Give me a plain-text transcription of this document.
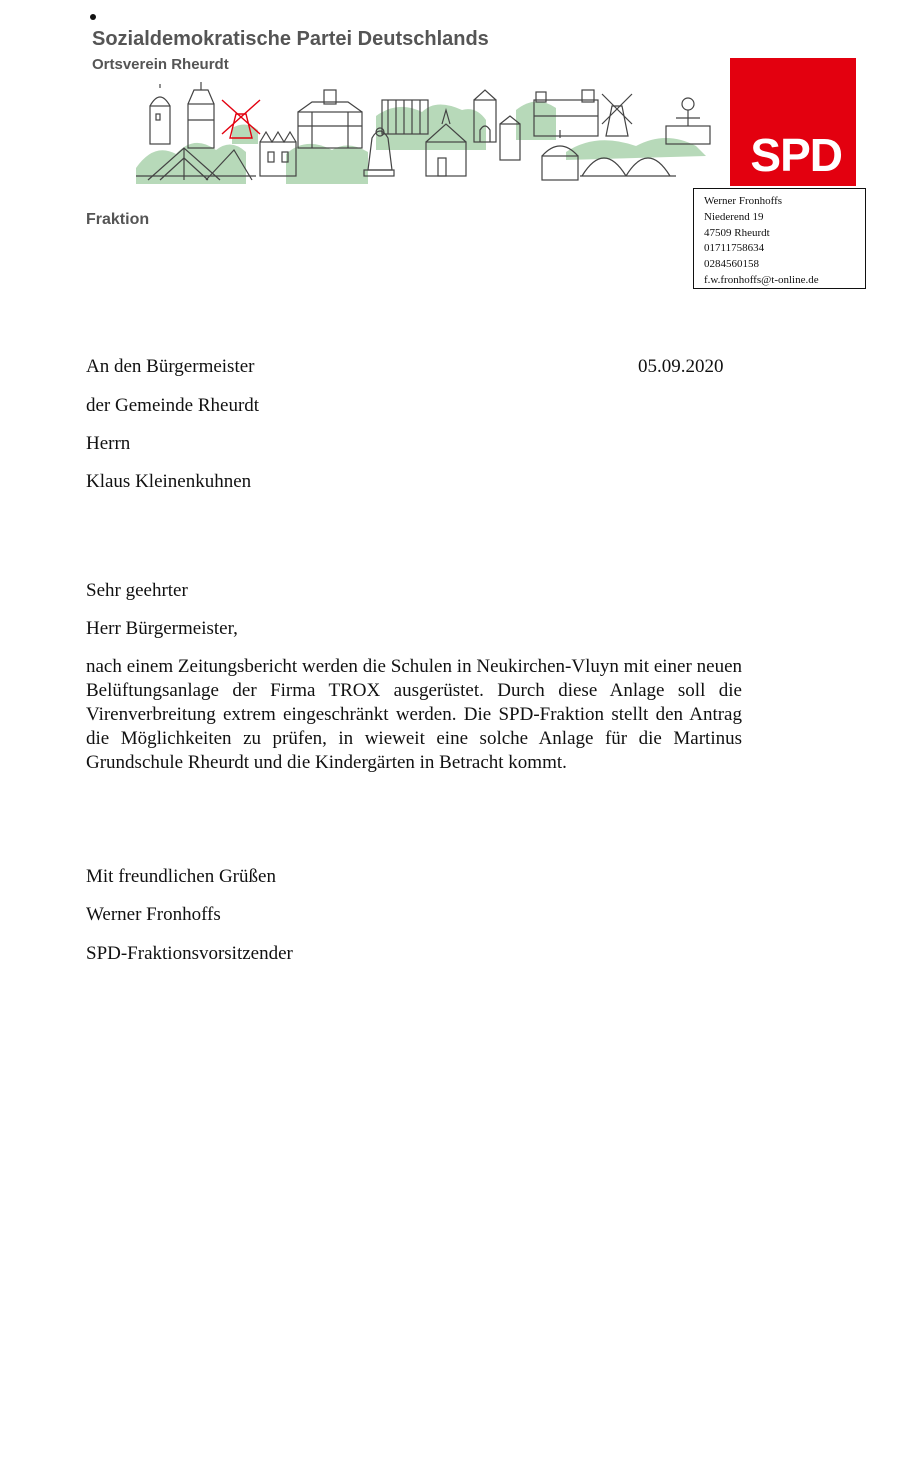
Sozialdemokratische Partei Deutschlands
Ortsverein Rheurdt
SPD
Fraktion
Werner Fronhoffs
Niederend 19
47509 Rheurdt
01711758634
0284560158
f.w.fronhoffs@t-online.de
An den Bürgermeister	05.09.2020
der Gemeinde Rheurdt
Herrn
Klaus Kleinenkuhnen
Sehr geehrter
Herr Bürgermeister,
nach einem Zeitungsbericht werden die Schulen in Neukirchen-Vluyn mit einer neuen Belüftungsanlage der Firma TROX ausgerüstet. Durch diese Anlage soll die Virenverbreitung extrem eingeschränkt werden. Die SPD-Fraktion stellt den Antrag die Möglichkeiten zu prüfen, in wieweit eine solche Anlage für die Martinus Grundschule Rheurdt und die Kindergärten in Betracht kommt.
Mit freundlichen Grüßen
Werner Fronhoffs
SPD-Fraktionsvorsitzender
